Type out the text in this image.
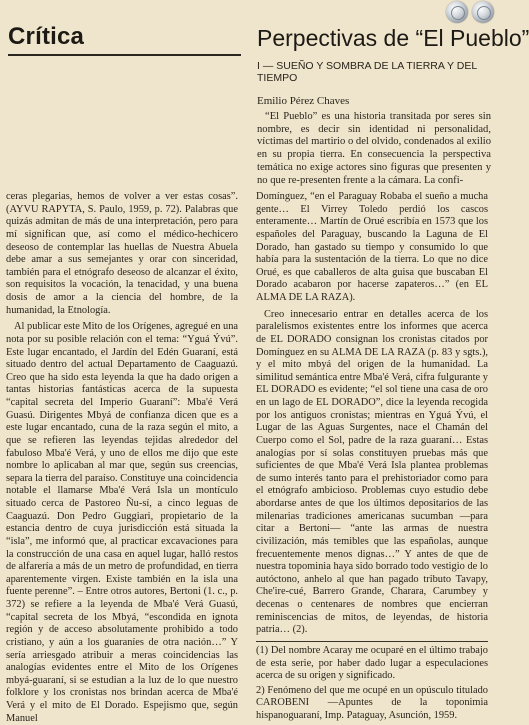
Crítica	Perpectivas de “El Pueblo”
I — SUEÑO Y SOMBRA DE LA TIERRA Y DEL TIEMPO
Emilio Pérez Chaves
“El Pueblo” es una historia transitada por seres sin nombre, es decir sin identidad ni personalidad, víctimas del martirio o del olvido, condenados al exilio en su propia tierra. En consecuencia la perspectiva temática no exige actores sino figuras que presenten y no que re-presenten frente a la cámara. La confi-

ceras plegarias, hemos de volver a ver estas cosas”. (AYVU RAPYTA, S. Paulo, 1959, p. 72). Palabras que quizás admitan de más de una interpretación, pero para mí significan que, así como el médico-hechicero deseoso de contemplar las huellas de Nuestra Abuela debe amar a sus semejantes y orar con sinceridad, también para el etnógrafo deseoso de alcanzar el éxito, son requisitos la vocación, la tenacidad, y una buena dosis de amor a la ciencia del hombre, de la humanidad, la Etnología.

Al publicar este Mito de los Orígenes, agregué en una nota por su posible relación con el tema: “Yguá Ývú”. Este lugar encantado, el Jardín del Edén Guaraní, está situado dentro del actual Departamento de Caaguazú. Creo que ha sido esta leyenda la que ha dado origen a tantas historias fantásticas acerca de la supuesta “capital secreta del Imperio Guaraní”: Mba'é Verá Guasú. Dirigentes Mbyá de confianza dicen que es a este lugar encantado, cuna de la raza según el mito, a que se refieren las leyendas tejidas alrededor del fabuloso Mba'é Verá, y uno de ellos me dijo que este nombre lo aplicaban al mar que, según sus creencias, separa la tierra del paraíso. Constituye una coincidencia notable el llamarse Mba'é Verá Isla un montículo situado cerca de Pastoreo Ñu-sí, a cinco leguas de Caaguazú. Don Pedro Guggiari, propietario de la estancia dentro de cuya jurisdicción está situada la “isla”, me informó que, al practicar excavaciones para la construcción de una casa en aquel lugar, halló restos de alfarería a más de un metro de profundidad, en tierra aparentemente virgen. Existe también en la isla una fuente perenne”. – Entre otros autores, Bertoni (1. c., p. 372) se refiere a la leyenda de Mba'é Verá Guasú, “capital secreta de los Mbyá, “escondida en ignota región y de acceso absolutamente prohibido a todo cristiano, y aún a los guaraníes de otra nación…” Y sería arriesgado atribuir a meras coincidencias las analogías evidentes entre el Mito de los Orígenes mbyá-guaraní, si se estudian a la luz de lo que nuestro folklore y los cronistas nos brindan acerca de Mba'é Verá y el mito de El Dorado. Espejismo que, según Manuel

Domínguez, “en el Paraguay Robaba el sueño a mucha gente… El Virrey Toledo perdió los cascos enteramente… Martín de Orué escribía en 1573 que los españoles del Paraguay, buscando la Laguna de El Dorado, han gastado su tiempo y consumido lo que había para la sustentación de la tierra. Lo que no dice Orué, es que caballeros de alta guisa que buscaban El Dorado acabaron por hacerse zapateros…” (en EL ALMA DE LA RAZA).

Creo innecesario entrar en detalles acerca de los paralelismos existentes entre los informes que acerca de EL DORADO consignan los cronistas citados por Domínguez en su ALMA DE LA RAZA (p. 83 y sgts.), y el mito mbyá del origen de la humanidad. La similitud semántica entre Mba'é Verá, cifra fulgurante y EL DORADO es evidente; “el sol tiene una casa de oro en un lago de EL DORADO”, dice la leyenda recogida por los antiguos cronistas; mientras en Yguá Ývú, el Lugar de las Aguas Surgentes, nace el Chamán del Cuerpo como el Sol, padre de la raza guaraní… Estas analogías por sí solas constituyen pruebas más que suficientes de que Mba'é Verá Isla plantea problemas de sumo interés tanto para el prehistoriador como para el etnógrafo ambicioso. Problemas cuyo estudio debe abordarse antes de que los últimos depositarios de las milenarias tradiciones americanas sucumban —para citar a Bertoni— “ante las armas de nuestra civilización, más temibles que las españolas, aunque frecuentemente menos dignas…” Y antes de que de nuestra topominia haya sido borrado todo vestigio de lo autóctono, anhelo al que han pagado tributo Tavapy, Che'ire-cué, Barrero Grande, Charara, Carumbey y decenas o centenares de nombres que encierran reminiscencias de mitos, de leyendas, de historia patria… (2).

(1) Del nombre Acaray me ocuparé en el último trabajo de esta serie, por haber dado lugar a especulaciones acerca de su origen y significado.

2) Fenómeno del que me ocupé en un opúsculo titulado CAROBENI —Apuntes de la toponimia hispanoguaraní, Imp. Pataguay, Asunción, 1959.
